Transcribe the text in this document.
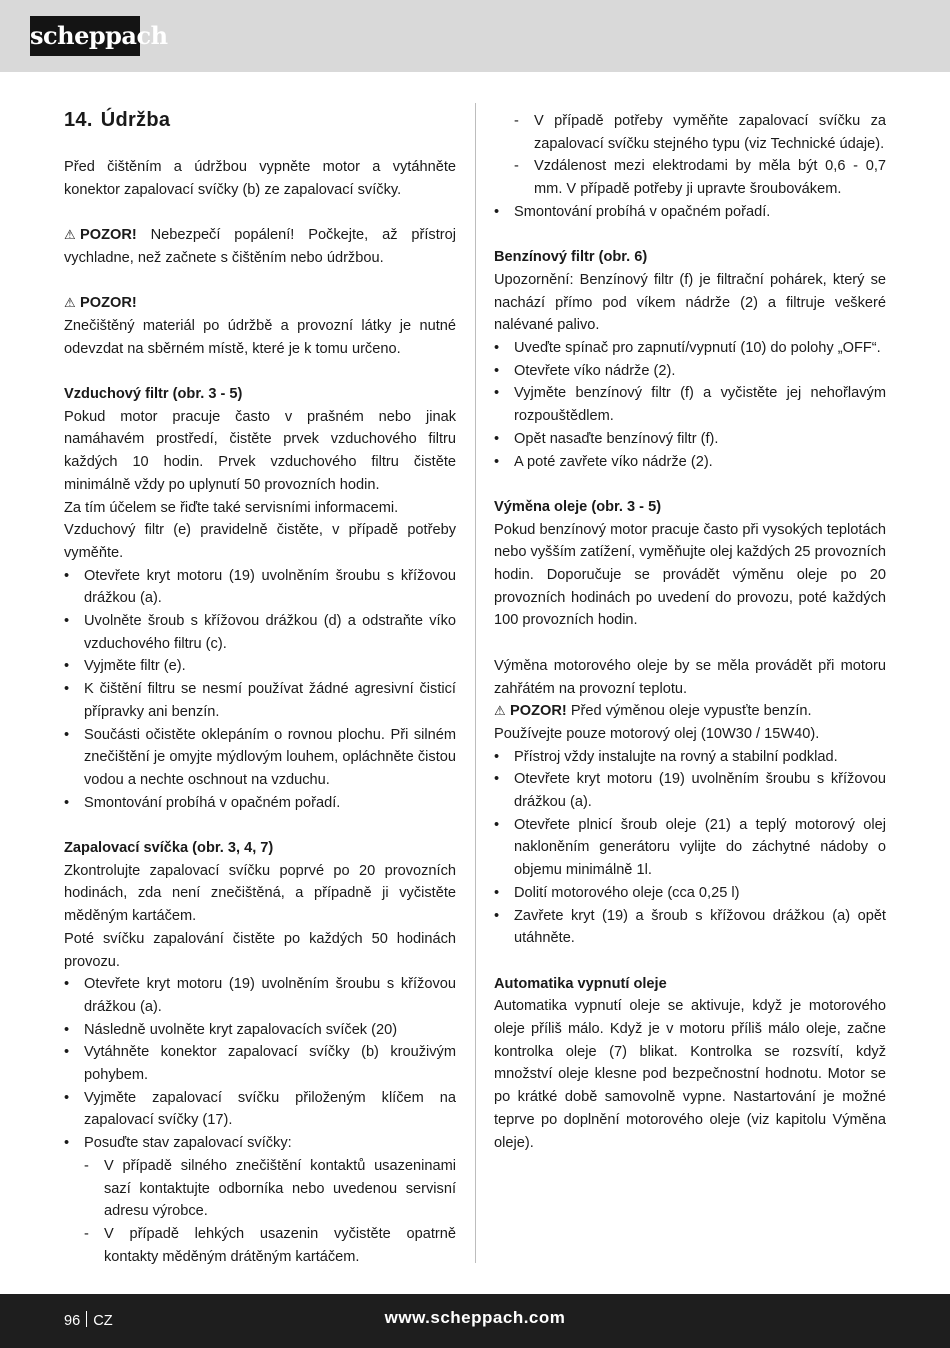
scheppach
14. Údržba

Před čištěním a údržbou vypněte motor a vytáhněte konektor zapalovací svíčky (b) ze zapalovací svíčky.

⚠ POZOR! Nebezpečí popálení! Počkejte, až přístroj vychladne, než začnete s čištěním nebo údržbou.

⚠ POZOR!

Znečištěný materiál po údržbě a provozní látky je nutné odevzdat na sběrném místě, které je k tomu určeno.

Vzduchový filtr (obr. 3 - 5)

Pokud motor pracuje často v prašném nebo jinak namáhavém prostředí, čistěte prvek vzduchového filtru každých 10 hodin. Prvek vzduchového filtru čistěte minimálně vždy po uplynutí 50 provozních hodin.

Za tím účelem se řiďte také servisními informacemi.

Vzduchový filtr (e) pravidelně čistěte, v případě potřeby vyměňte.

• Otevřete kryt motoru (19) uvolněním šroubu s křížovou drážkou (a).
• Uvolněte šroub s křížovou drážkou (d) a odstraňte víko vzduchového filtru (c).
• Vyjměte filtr (e).
• K čištění filtru se nesmí používat žádné agresivní čisticí přípravky ani benzín.
• Součásti očistěte oklepáním o rovnou plochu. Při silném znečištění je omyjte mýdlovým louhem, opláchněte čistou vodou a nechte oschnout na vzduchu.
• Smontování probíhá v opačném pořadí.

Zapalovací svíčka (obr. 3, 4, 7)

Zkontrolujte zapalovací svíčku poprvé po 20 provozních hodinách, zda není znečištěná, a případně ji vyčistěte měděným kartáčem.

Poté svíčku zapalování čistěte po každých 50 hodinách provozu.

• Otevřete kryt motoru (19) uvolněním šroubu s křížovou drážkou (a).
• Následně uvolněte kryt zapalovacích svíček (20)
• Vytáhněte konektor zapalovací svíčky (b) krouživým pohybem.
• Vyjměte zapalovací svíčku přiloženým klíčem na zapalovací svíčky (17).
• Posuďte stav zapalovací svíčky:
- V případě silného znečištění kontaktů usazeninami sazí kontaktujte odborníka nebo uvedenou servisní adresu výrobce.
- V případě lehkých usazenin vyčistěte opatrně kontakty měděným drátěným kartáčem.
- V případě potřeby vyměňte zapalovací svíčku za zapalovací svíčku stejného typu (viz Technické údaje).
- Vzdálenost mezi elektrodami by měla být 0,6 - 0,7 mm. V případě potřeby ji upravte šroubovákem.
• Smontování probíhá v opačném pořadí.

Benzínový filtr (obr. 6)

Upozornění: Benzínový filtr (f) je filtrační pohárek, který se nachází přímo pod víkem nádrže (2) a filtruje veškeré nalévané palivo.

• Uveďte spínač pro zapnutí/vypnutí (10) do polohy „OFF“.
• Otevřete víko nádrže (2).
• Vyjměte benzínový filtr (f) a vyčistěte jej nehořlavým rozpouštědlem.
• Opět nasaďte benzínový filtr (f).
• A poté zavřete víko nádrže (2).

Výměna oleje (obr. 3 - 5)

Pokud benzínový motor pracuje často při vysokých teplotách nebo vyšším zatížení, vyměňujte olej každých 25 provozních hodin. Doporučuje se provádět výměnu oleje po 20 provozních hodinách po uvedení do provozu, poté každých 100 provozních hodin.

Výměna motorového oleje by se měla provádět při motoru zahřátém na provozní teplotu.

⚠ POZOR! Před výměnou oleje vypusťte benzín.

Používejte pouze motorový olej (10W30 / 15W40).

• Přístroj vždy instalujte na rovný a stabilní podklad.
• Otevřete kryt motoru (19) uvolněním šroubu s křížovou drážkou (a).
• Otevřete plnicí šroub oleje (21) a teplý motorový olej nakloněním generátoru vylijte do záchytné nádoby o objemu minimálně 1l.
• Dolití motorového oleje (cca 0,25 l)
• Zavřete kryt (19) a šroub s křížovou drážkou (a) opět utáhněte.

Automatika vypnutí oleje

Automatika vypnutí oleje se aktivuje, když je motorového oleje příliš málo. Když je v motoru příliš málo oleje, začne kontrolka oleje (7) blikat. Kontrolka se rozsvítí, když množství oleje klesne pod bezpečnostní hodnotu. Motor se po krátké době samovolně vypne. Nastartování je možné teprve po doplnění motorového oleje (viz kapitolu Výměna oleje).

96 CZ	www.scheppach.com
